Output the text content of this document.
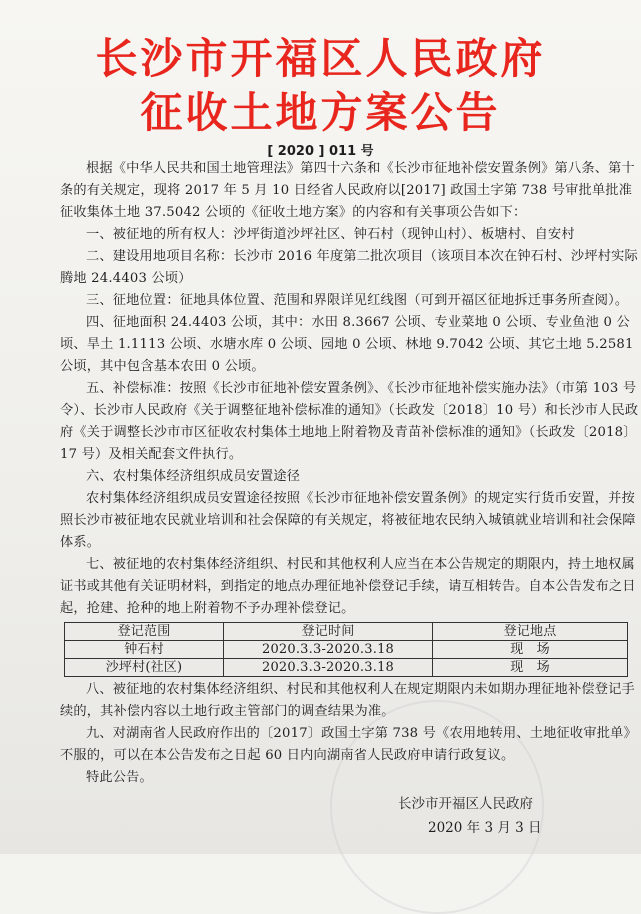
长沙市开福区人民政府
征收土地方案公告
[ 2020 ] 011 号

根据《中华人民共和国土地管理法》第四十六条和《长沙市征地补偿安置条例》第八条、第十条的有关规定，现将 2017 年 5 月 10 日经省人民政府以[2017] 政国土字第 738 号审批单批准征收集体土地 37.5042 公顷的《征收土地方案》的内容和有关事项公告如下：

一、被征地的所有权人：沙坪街道沙坪社区、钟石村（现钟山村）、板塘村、自安村

二、建设用地项目名称：长沙市 2016 年度第二批次项目（该项目本次在钟石村、沙坪村实际腾地 24.4403 公顷）

三、征地位置：征地具体位置、范围和界限详见红线图（可到开福区征地拆迁事务所查阅）。

四、征地面积 24.4403 公顷，其中：水田 8.3667 公顷、专业菜地 0 公顷、专业鱼池 0 公顷、旱土 1.1113 公顷、水塘水库 0 公顷、园地 0 公顷、林地 9.7042 公顷、其它土地 5.2581 公顷，其中包含基本农田 0 公顷。

五、补偿标准：按照《长沙市征地补偿安置条例》、《长沙市征地补偿实施办法》（市第 103 号令）、长沙市人民政府《关于调整征地补偿标准的通知》（长政发〔2018〕10 号）和长沙市人民政府《关于调整长沙市市区征收农村集体土地地上附着物及青苗补偿标准的通知》（长政发〔2018〕17 号）及相关配套文件执行。

六、农村集体经济组织成员安置途径

农村集体经济组织成员安置途径按照《长沙市征地补偿安置条例》的规定实行货币安置，并按照长沙市被征地农民就业培训和社会保障的有关规定，将被征地农民纳入城镇就业培训和社会保障体系。

七、被征地的农村集体经济组织、村民和其他权利人应当在本公告规定的期限内，持土地权属证书或其他有关证明材料，到指定的地点办理征地补偿登记手续，请互相转告。自本公告发布之日起，抢建、抢种的地上附着物不予办理补偿登记。

登记范围	登记时间	登记地点
钟石村	2020.3.3-2020.3.18	现　场
沙坪村(社区)	2020.3.3-2020.3.18	现　场

八、被征地的农村集体经济组织、村民和其他权利人在规定期限内未如期办理征地补偿登记手续的，其补偿内容以土地行政主管部门的调查结果为准。

九、对湖南省人民政府作出的〔2017〕政国土字第 738 号《农用地转用、土地征收审批单》不服的，可以在本公告发布之日起 60 日内向湖南省人民政府申请行政复议。

特此公告。

长沙市开福区人民政府
2020 年 3 月 3 日
